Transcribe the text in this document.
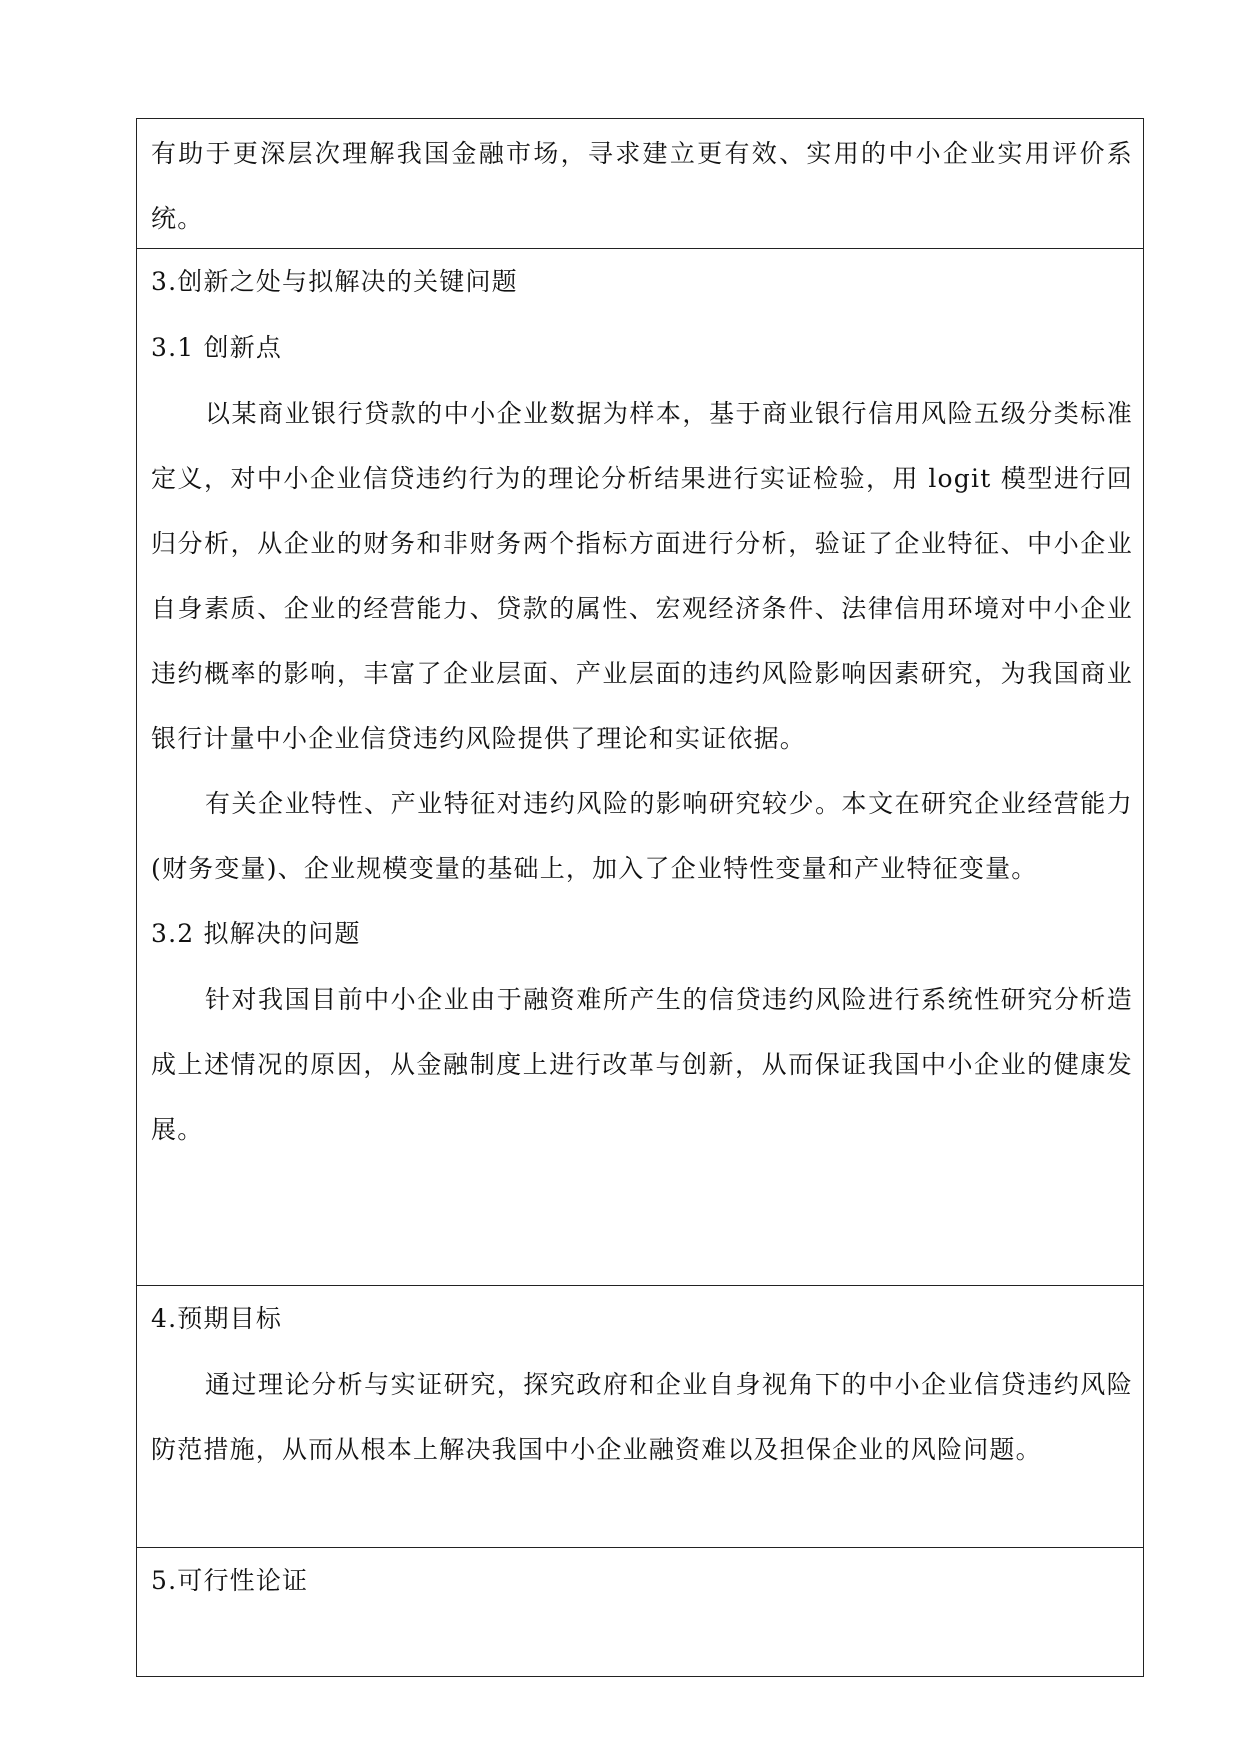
有助于更深层次理解我国金融市场，寻求建立更有效、实用的中小企业实用评价系统。

3.创新之处与拟解决的关键问题

3.1 创新点

以某商业银行贷款的中小企业数据为样本，基于商业银行信用风险五级分类标准定义，对中小企业信贷违约行为的理论分析结果进行实证检验，用 logit 模型进行回归分析，从企业的财务和非财务两个指标方面进行分析，验证了企业特征、中小企业自身素质、企业的经营能力、贷款的属性、宏观经济条件、法律信用环境对中小企业违约概率的影响，丰富了企业层面、产业层面的违约风险影响因素研究，为我国商业银行计量中小企业信贷违约风险提供了理论和实证依据。

有关企业特性、产业特征对违约风险的影响研究较少。本文在研究企业经营能力(财务变量)、企业规模变量的基础上，加入了企业特性变量和产业特征变量。

3.2 拟解决的问题

针对我国目前中小企业由于融资难所产生的信贷违约风险进行系统性研究分析造成上述情况的原因，从金融制度上进行改革与创新，从而保证我国中小企业的健康发展。

4.预期目标

通过理论分析与实证研究，探究政府和企业自身视角下的中小企业信贷违约风险防范措施，从而从根本上解决我国中小企业融资难以及担保企业的风险问题。

5.可行性论证
